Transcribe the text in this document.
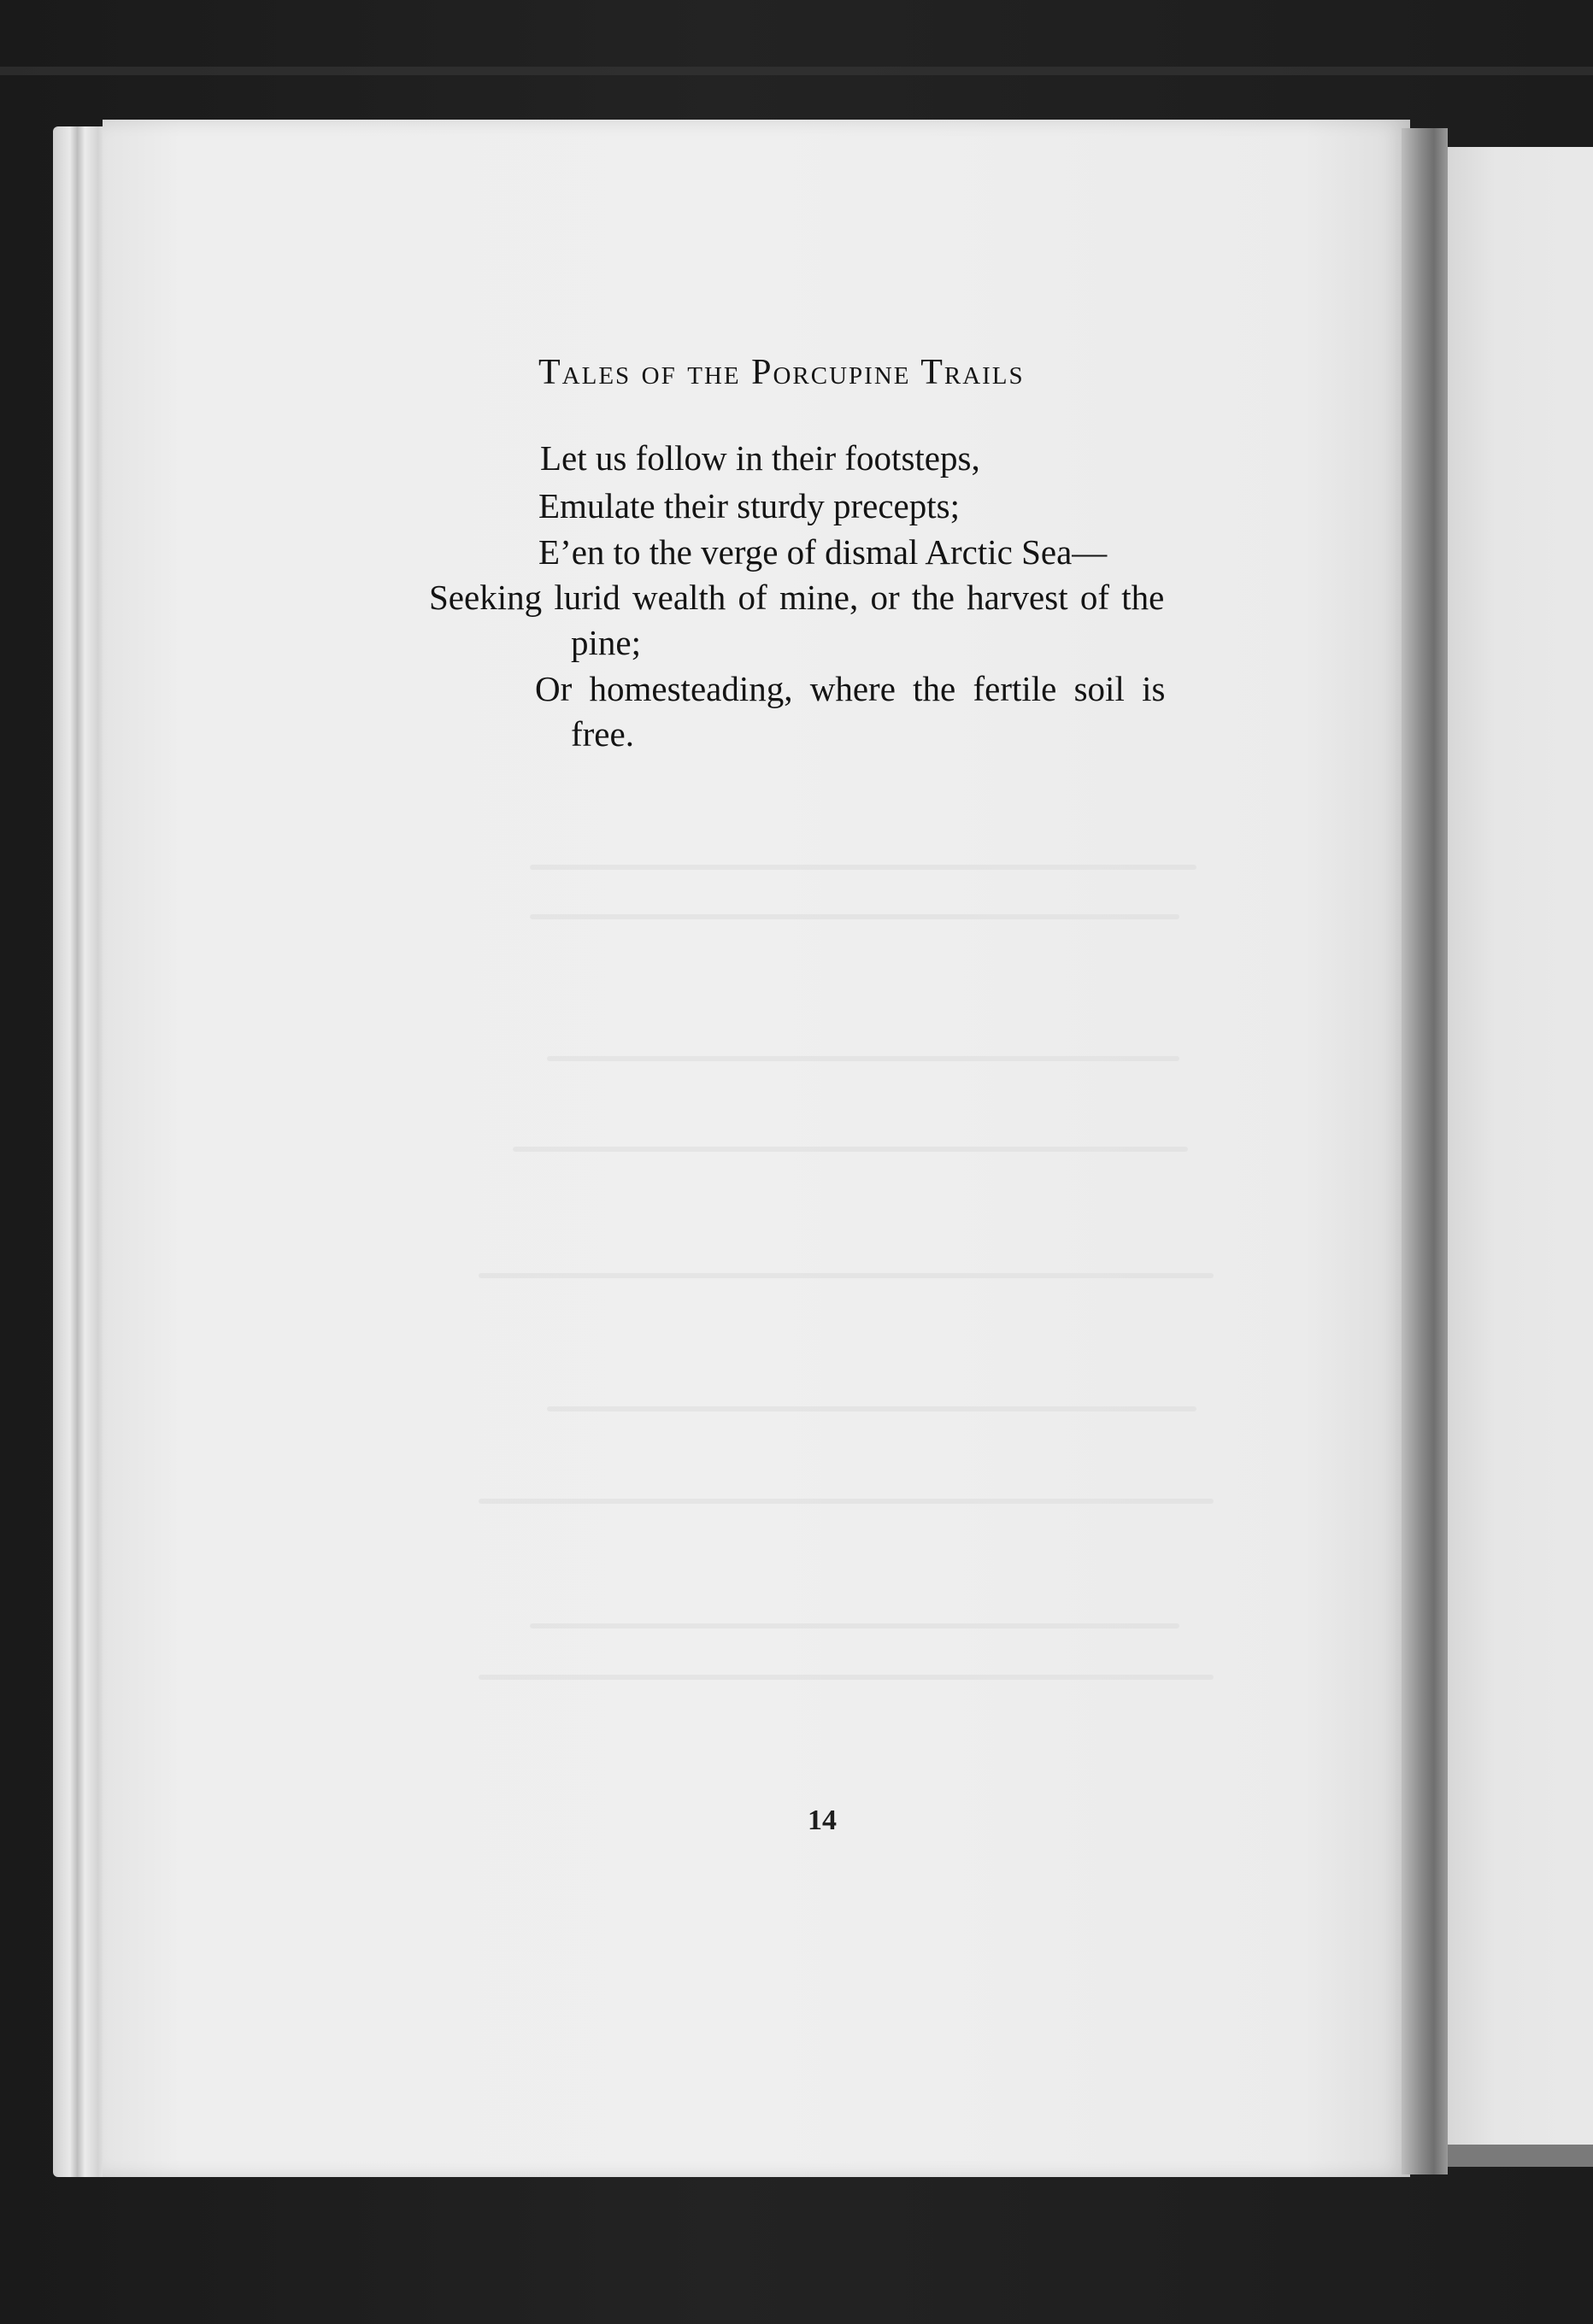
Tales of the Porcupine Trails
Let us follow in their footsteps,
Emulate their sturdy precepts;
E’en to the verge of dismal Arctic Sea—
Seeking lurid wealth of mine, or the harvest of the
pine;
Or homesteading, where the fertile soil is
free.
14
